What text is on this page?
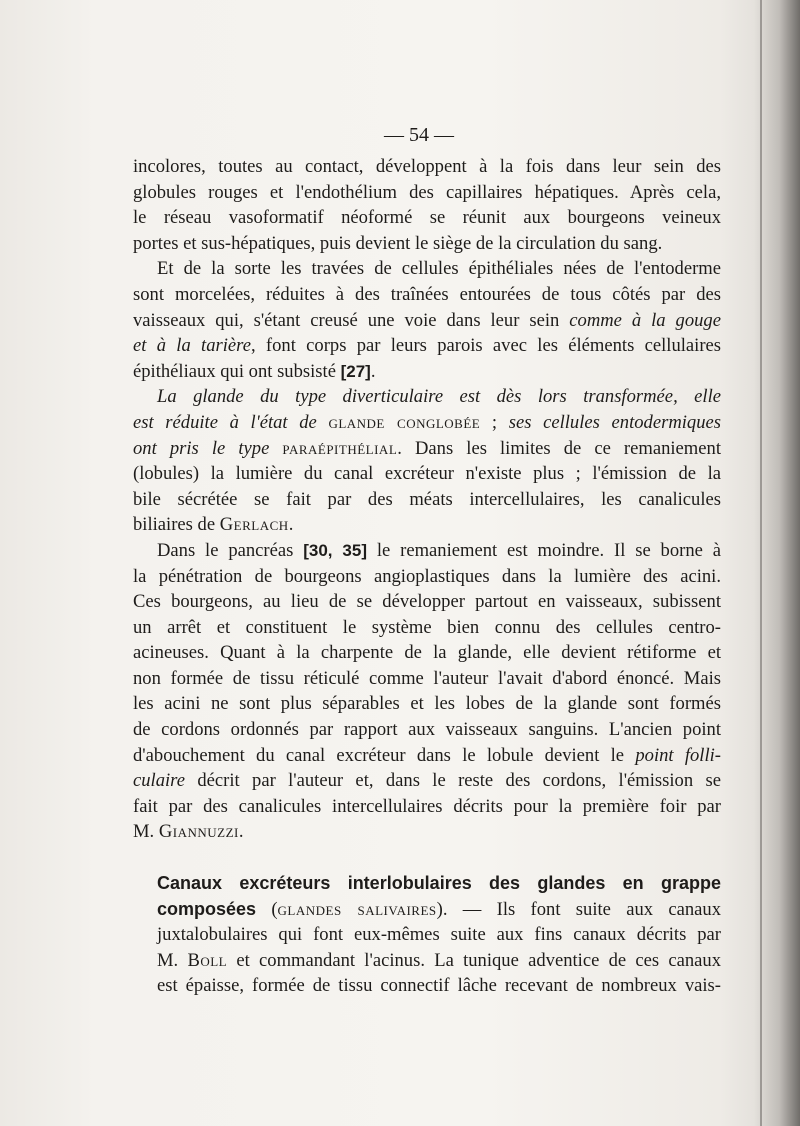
— 54 —

incolores, toutes au contact, développent à la fois dans leur sein des
globules rouges et l'endothélium des capillaires hépatiques. Après cela,
le réseau vasoformatif néoformé se réunit aux bourgeons veineux
portes et sus-hépatiques, puis devient le siège de la circulation du sang.

Et de la sorte les travées de cellules épithéliales nées de l'entoderme
sont morcelées, réduites à des traînées entourées de tous côtés par des
vaisseaux qui, s'étant creusé une voie dans leur sein comme à la gouge
et à la tarière, font corps par leurs parois avec les éléments cellulaires
épithéliaux qui ont subsisté [27].

La glande du type diverticulaire est dès lors transformée, elle
est réduite à l'état de glande conglobée ; ses cellules entodermiques
ont pris le type paraépithélial. Dans les limites de ce remaniement
(lobules) la lumière du canal excréteur n'existe plus ; l'émission de la
bile sécrétée se fait par des méats intercellulaires, les canalicules
biliaires de Gerlach.

Dans le pancréas [30, 35] le remaniement est moindre. Il se borne à
la pénétration de bourgeons angioplastiques dans la lumière des acini.
Ces bourgeons, au lieu de se développer partout en vaisseaux, subissent
un arrêt et constituent le système bien connu des cellules centro-
acineuses. Quant à la charpente de la glande, elle devient rétiforme et
non formée de tissu réticulé comme l'auteur l'avait d'abord énoncé. Mais
les acini ne sont plus séparables et les lobes de la glande sont formés
de cordons ordonnés par rapport aux vaisseaux sanguins. L'ancien point
d'abouchement du canal excréteur dans le lobule devient le point folli-
culaire décrit par l'auteur et, dans le reste des cordons, l'émission se
fait par des canalicules intercellulaires décrits pour la première foir par
M. Giannuzzi.

Canaux excréteurs interlobulaires des glandes en grappe
composées (glandes salivaires). — Ils font suite aux canaux
juxtalobulaires qui font eux-mêmes suite aux fins canaux décrits par
M. Boll et commandant l'acinus. La tunique adventice de ces canaux
est épaisse, formée de tissu connectif lâche recevant de nombreux vais-
